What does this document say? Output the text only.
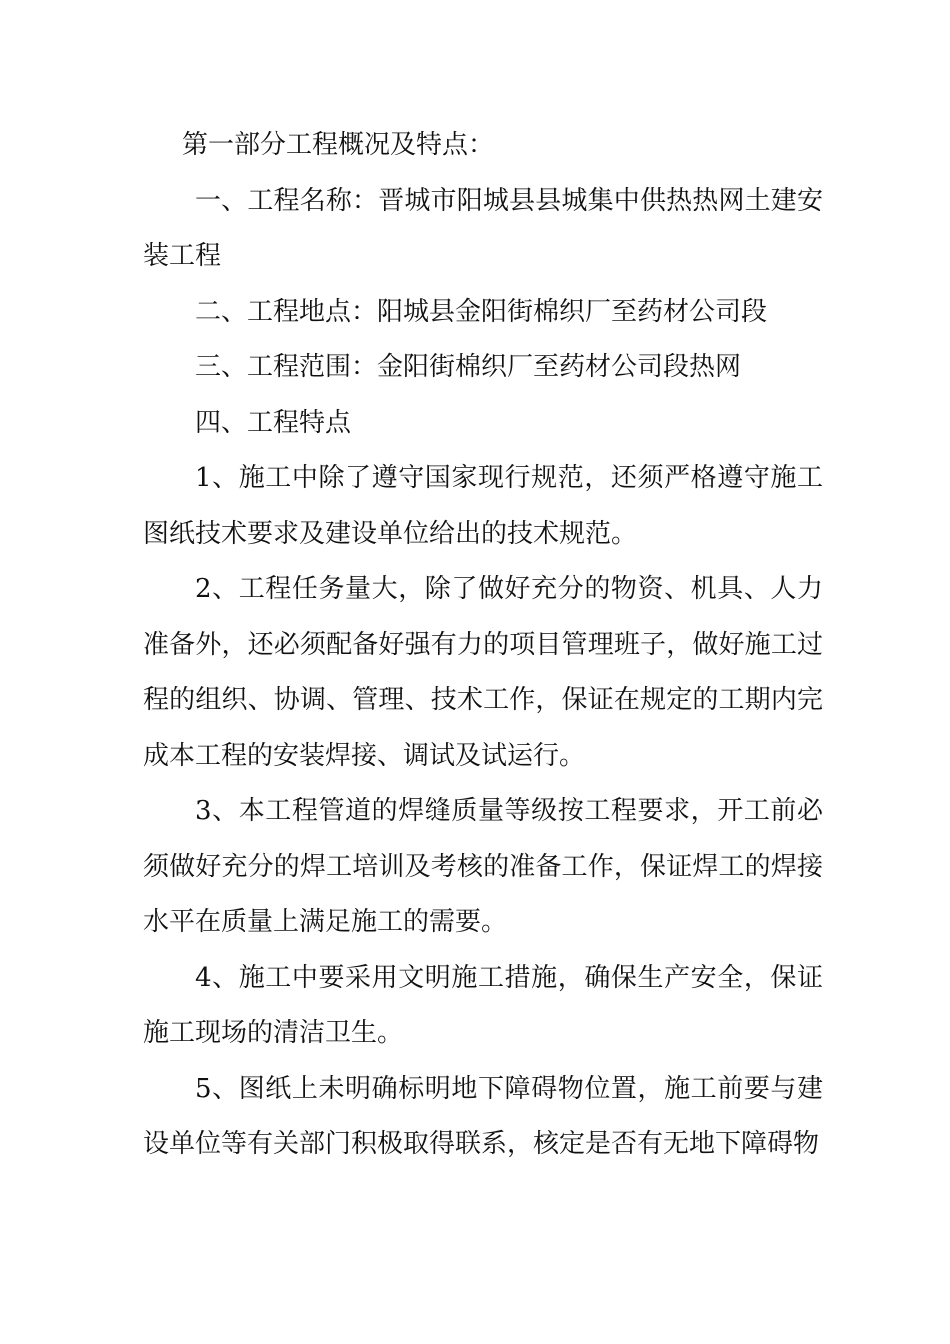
第一部分工程概况及特点：

一、工程名称：晋城市阳城县县城集中供热热网土建安装工程

二、工程地点：阳城县金阳街棉织厂至药材公司段

三、工程范围：金阳街棉织厂至药材公司段热网

四、工程特点

1、施工中除了遵守国家现行规范，还须严格遵守施工图纸技术要求及建设单位给出的技术规范。

2、工程任务量大，除了做好充分的物资、机具、人力准备外，还必须配备好强有力的项目管理班子，做好施工过程的组织、协调、管理、技术工作，保证在规定的工期内完成本工程的安装焊接、调试及试运行。

3、本工程管道的焊缝质量等级按工程要求，开工前必须做好充分的焊工培训及考核的准备工作，保证焊工的焊接水平在质量上满足施工的需要。

4、施工中要采用文明施工措施，确保生产安全，保证施工现场的清洁卫生。

5、图纸上未明确标明地下障碍物位置，施工前要与建设单位等有关部门积极取得联系，核定是否有无地下障碍物
